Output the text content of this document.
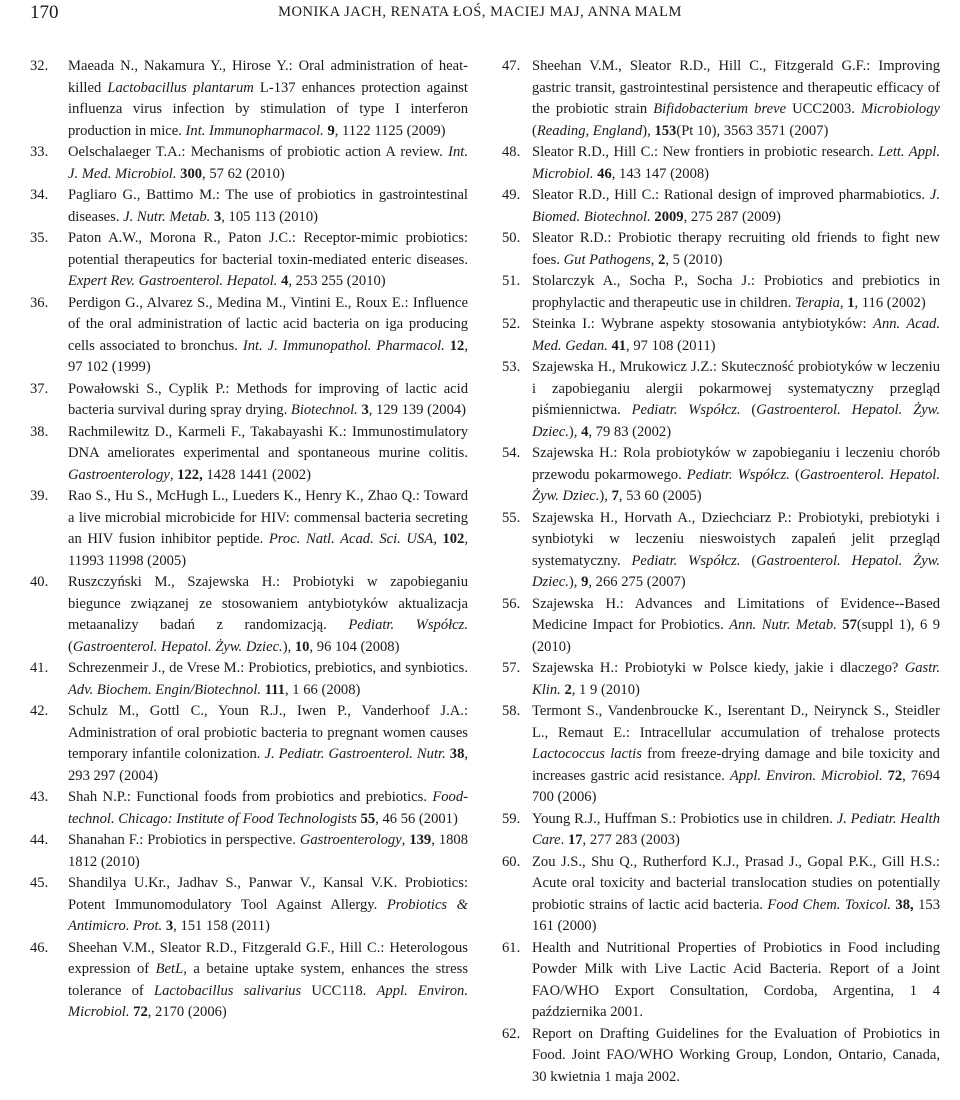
170	MONIKA JACH, RENATA ŁOŚ, MACIEJ MAJ, ANNA MALM

32. Maeada N., Nakamura Y., Hirose Y.: Oral administration of heat-killed Lactobacillus plantarum L-137 enhances protection against influenza virus infection by stimulation of type I interferon production in mice. Int. Immunopharmacol. 9, 1122 1125 (2009)

33. Oelschalaeger T.A.: Mechanisms of probiotic action A review. Int. J. Med. Microbiol. 300, 57 62 (2010)

34. Pagliaro G., Battimo M.: The use of probiotics in gastrointestinal diseases. J. Nutr. Metab. 3, 105 113 (2010)

35. Paton A.W., Morona R., Paton J.C.: Receptor-mimic probiotics: potential therapeutics for bacterial toxin-mediated enteric diseases. Expert Rev. Gastroenterol. Hepatol. 4, 253 255 (2010)

36. Perdigon G., Alvarez S., Medina M., Vintini E., Roux E.: Influence of the oral administration of lactic acid bacteria on iga producing cells associated to bronchus. Int. J. Immunopathol. Pharmacol. 12, 97 102 (1999)

37. Powałowski S., Cyplik P.: Methods for improving of lactic acid bacteria survival during spray drying. Biotechnol. 3, 129 139 (2004)

38. Rachmilewitz D., Karmeli F., Takabayashi K.: Immunostimulatory DNA ameliorates experimental and spontaneous murine colitis. Gastroenterology, 122, 1428 1441 (2002)

39. Rao S., Hu S., McHugh L., Lueders K., Henry K., Zhao Q.: Toward a live microbial microbicide for HIV: commensal bacteria secreting an HIV fusion inhibitor peptide. Proc. Natl. Acad. Sci. USA, 102, 11993 11998 (2005)

40. Ruszczyński M., Szajewska H.: Probiotyki w zapobieganiu biegunce związanej ze stosowaniem antybiotyków aktualizacja metaanalizy badań z randomizacją. Pediatr. Współcz. (Gastroenterol. Hepatol. Żyw. Dziec.), 10, 96 104 (2008)

41. Schrezenmeir J., de Vrese M.: Probiotics, prebiotics, and synbiotics. Adv. Biochem. Engin/Biotechnol. 111, 1 66 (2008)

42. Schulz M., Gottl C., Youn R.J., Iwen P., Vanderhoof J.A.: Administration of oral probiotic bacteria to pregnant women causes temporary infantile colonization. J. Pediatr. Gastroenterol. Nutr. 38, 293 297 (2004)

43. Shah N.P.: Functional foods from probiotics and prebiotics. Food-technol. Chicago: Institute of Food Technologists 55, 46 56 (2001)

44. Shanahan F.: Probiotics in perspective. Gastroenterology, 139, 1808 1812 (2010)

45. Shandilya U.Kr., Jadhav S., Panwar V., Kansal V.K. Probiotics: Potent Immunomodulatory Tool Against Allergy. Probiotics & Antimicro. Prot. 3, 151 158 (2011)

46. Sheehan V.M., Sleator R.D., Fitzgerald G.F., Hill C.: Heterologous expression of BetL, a betaine uptake system, enhances the stress tolerance of Lactobacillus salivarius UCC118. Appl. Environ. Microbiol. 72, 2170 (2006)

47. Sheehan V.M., Sleator R.D., Hill C., Fitzgerald G.F.: Improving gastric transit, gastrointestinal persistence and therapeutic efficacy of the probiotic strain Bifidobacterium breve UCC2003. Microbiology (Reading, England), 153(Pt 10), 3563 3571 (2007)

48. Sleator R.D., Hill C.: New frontiers in probiotic research. Lett. Appl. Microbiol. 46, 143 147 (2008)

49. Sleator R.D., Hill C.: Rational design of improved pharmabiotics. J. Biomed. Biotechnol. 2009, 275 287 (2009)

50. Sleator R.D.: Probiotic therapy recruiting old friends to fight new foes. Gut Pathogens, 2, 5 (2010)

51. Stolarczyk A., Socha P., Socha J.: Probiotics and prebiotics in prophylactic and therapeutic use in children. Terapia, 1, 116 (2002)

52. Steinka I.: Wybrane aspekty stosowania antybiotyków: Ann. Acad. Med. Gedan. 41, 97 108 (2011)

53. Szajewska H., Mrukowicz J.Z.: Skuteczność probiotyków w leczeniu i zapobieganiu alergii pokarmowej systematyczny przegląd piśmiennictwa. Pediatr. Współcz. (Gastroenterol. Hepatol. Żyw. Dziec.), 4, 79 83 (2002)

54. Szajewska H.: Rola probiotyków w zapobieganiu i leczeniu chorób przewodu pokarmowego. Pediatr. Współcz. (Gastroenterol. Hepatol. Żyw. Dziec.), 7, 53 60 (2005)

55. Szajewska H., Horvath A., Dziechciarz P.: Probiotyki, prebiotyki i synbiotyki w leczeniu nieswoistych zapaleń jelit przegląd systematyczny. Pediatr. Współcz. (Gastroenterol. Hepatol. Żyw. Dziec.), 9, 266 275 (2007)

56. Szajewska H.: Advances and Limitations of Evidence--Based Medicine Impact for Probiotics. Ann. Nutr. Metab. 57(suppl 1), 6 9 (2010)

57. Szajewska H.: Probiotyki w Polsce kiedy, jakie i dlaczego? Gastr. Klin. 2, 1 9 (2010)

58. Termont S., Vandenbroucke K., Iserentant D., Neirynck S., Steidler L., Remaut E.: Intracellular accumulation of trehalose protects Lactococcus lactis from freeze-drying damage and bile toxicity and increases gastric acid resistance. Appl. Environ. Microbiol. 72, 7694 700 (2006)

59. Young R.J., Huffman S.: Probiotics use in children. J. Pediatr. Health Care. 17, 277 283 (2003)

60. Zou J.S., Shu Q., Rutherford K.J., Prasad J., Gopal P.K., Gill H.S.: Acute oral toxicity and bacterial translocation studies on potentially probiotic strains of lactic acid bacteria. Food Chem. Toxicol. 38, 153 161 (2000)

61. Health and Nutritional Properties of Probiotics in Food including Powder Milk with Live Lactic Acid Bacteria. Report of a Joint FAO/WHO Export Consultation, Cordoba, Argentina, 1 4 października 2001.

62. Report on Drafting Guidelines for the Evaluation of Probiotics in Food. Joint FAO/WHO Working Group, London, Ontario, Canada, 30 kwietnia 1 maja 2002.
